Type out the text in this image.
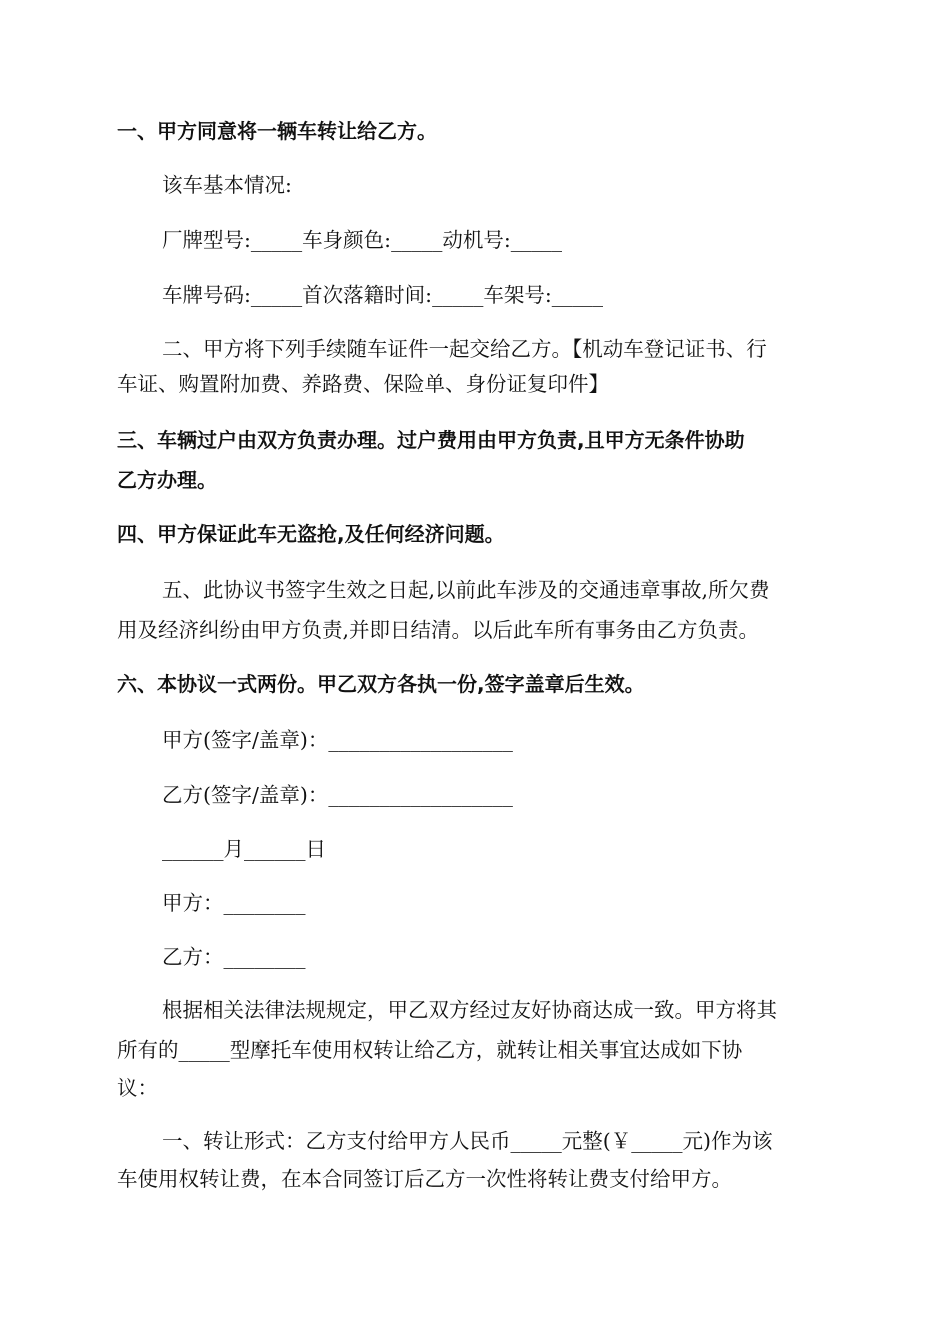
一、甲方同意将一辆车转让给乙方。
该车基本情况:
厂牌型号:_____车身颜色:_____动机号:_____
车牌号码:_____首次落籍时间:_____车架号:_____
二、甲方将下列手续随车证件一起交给乙方。【机动车登记证书、行
车证、购置附加费、养路费、保险单、身份证复印件】
三、车辆过户由双方负责办理。过户费用由甲方负责,且甲方无条件协助
乙方办理。
四、甲方保证此车无盗抢,及任何经济问题。
五、此协议书签字生效之日起,以前此车涉及的交通违章事故,所欠费
用及经济纠纷由甲方负责,并即日结清。以后此车所有事务由乙方负责。
六、本协议一式两份。甲乙双方各执一份,签字盖章后生效。
甲方(签字/盖章)：__________________
乙方(签字/盖章)：__________________
______月______日
甲方：________
乙方：________
根据相关法律法规规定，甲乙双方经过友好协商达成一致。甲方将其
所有的_____型摩托车使用权转让给乙方，就转让相关事宜达成如下协
议：
一、转让形式：乙方支付给甲方人民币_____元整(￥_____元)作为该
车使用权转让费，在本合同签订后乙方一次性将转让费支付给甲方。
